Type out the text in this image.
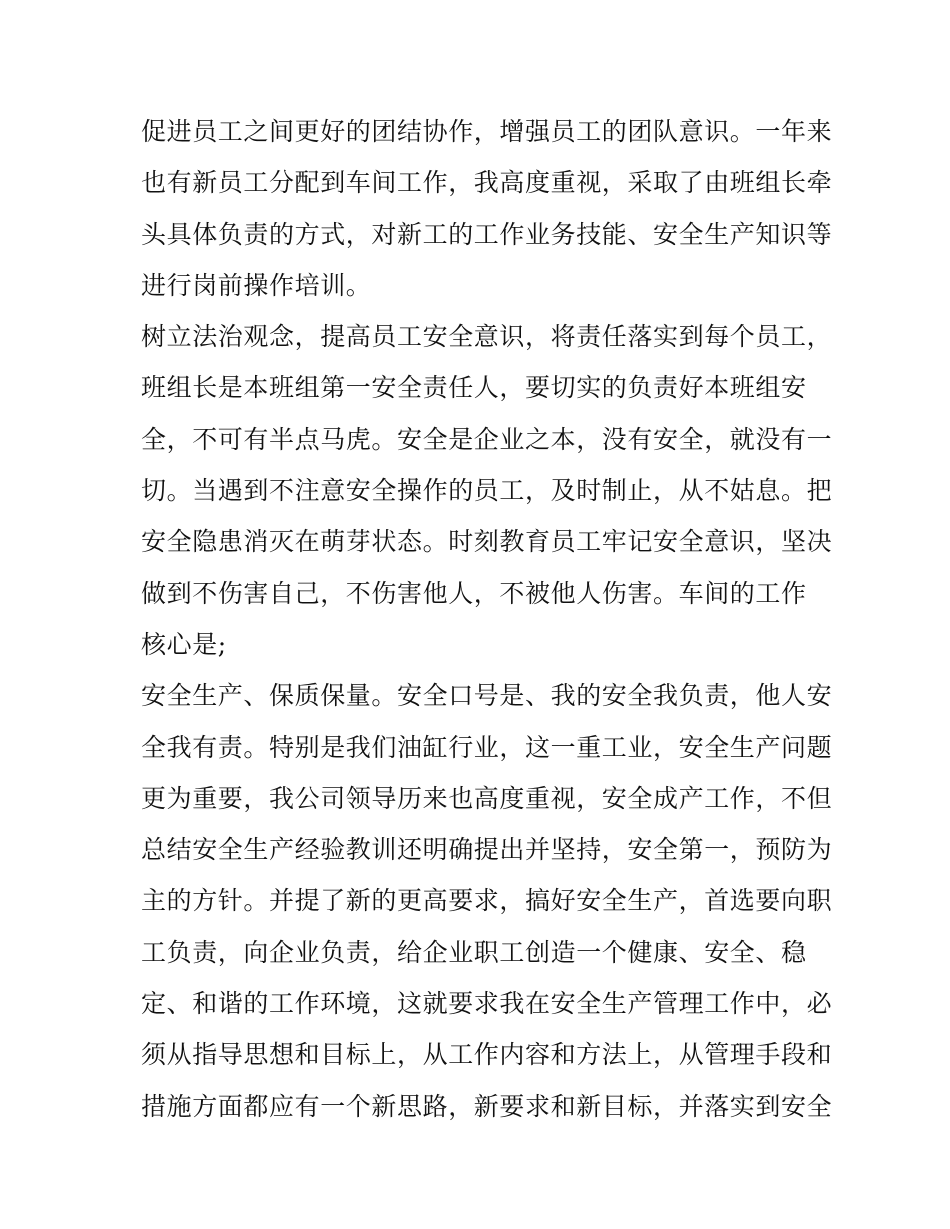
促进员工之间更好的团结协作，增强员工的团队意识。一年来
也有新员工分配到车间工作，我高度重视，采取了由班组长牵
头具体负责的方式，对新工的工作业务技能、安全生产知识等
进行岗前操作培训。
树立法治观念，提高员工安全意识，将责任落实到每个员工，
班组长是本班组第一安全责任人，要切实的负责好本班组安
全，不可有半点马虎。安全是企业之本，没有安全，就没有一
切。当遇到不注意安全操作的员工，及时制止，从不姑息。把
安全隐患消灭在萌芽状态。时刻教育员工牢记安全意识，坚决
做到不伤害自己，不伤害他人，不被他人伤害。车间的工作
核心是;
安全生产、保质保量。安全口号是、我的安全我负责，他人安
全我有责。特别是我们油缸行业，这一重工业，安全生产问题
更为重要，我公司领导历来也高度重视，安全成产工作，不但
总结安全生产经验教训还明确提出并坚持，安全第一，预防为
主的方针。并提了新的更高要求，搞好安全生产，首选要向职
工负责，向企业负责，给企业职工创造一个健康、安全、稳
定、和谐的工作环境，这就要求我在安全生产管理工作中，必
须从指导思想和目标上，从工作内容和方法上，从管理手段和
措施方面都应有一个新思路，新要求和新目标，并落实到安全
